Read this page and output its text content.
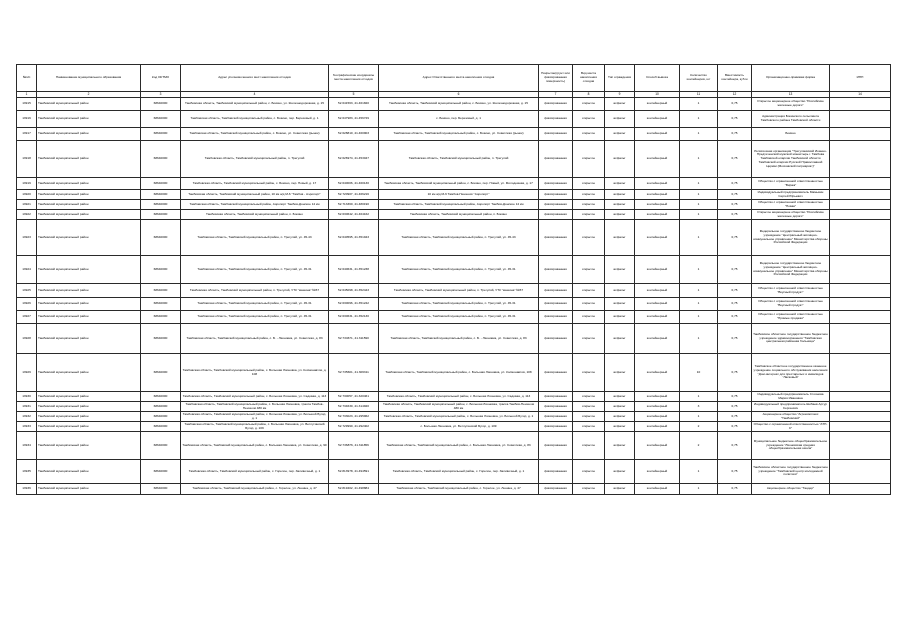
№п/п	Наименование муниципального образования	Код ОКТМО	Адрес уполномоченного мест накопления отходов	Географические координаты места накопления отходов	Адрес Ответственного места накопления отходов	Покрытие(грунт или фиксированная поверхность)	Вид места накопления отходов	Тип ограждения	Способ вывоза	Количество контейнеров, шт	Вместимость контейнера, куб.м	Организационно-правовая форма	ИНН
1	2	3	4	5	6	7	8	9	10	11	12	13	14
13915	Тамбовский муниципальный район	68640000	Тамбовская область, Тамбовский муниципальный район, с. Бокино, ул. Железнодорожная, д. 15	52.641563, 41.461820	Тамбовская область, Тамбовский муниципальный район, с. Бокино, ул. Железнодорожная, д. 15	фиксированная	открытое	асфальт	контейнерный	1	0,75	Открытое акционерное общество "Российские железные дороги"	
13916	Тамбовский муниципальный район	68640000	Тамбовская область, Тамбовский муниципальный район, с. Бокино, пер. Березовый, д. 1	52.647983, 41.456729	с. Бокино, пер. Березовый, д. 1	фиксированная	открытое	асфальт	контейнерный	1	0,75	Администрация Бокинского сельсовета Тамбовского района Тамбовской области	
13917	Тамбовский муниципальный район	68640000	Тамбовская область, Тамбовский муниципальный район, с. Бокино, ул. Советская (рынок)	52.628810, 41.460903	Тамбовская область, Тамбовский муниципальный район, с. Бокино, ул. Советская (рынок)	фиксированная	открытое	асфальт	контейнерный	1	0,75	Бокино	
13918	Тамбовский муниципальный район	68640000	Тамбовская область, Тамбовский муниципальный район, п. Трегуляй	52.626974, 41.453047	Тамбовская область, Тамбовский муниципальный район, п. Трегуляй	фиксированная	открытое	асфальт	контейнерный	1	0,75	Религиозная организация "Трегуляевский Иоанно-Предтеченский мужской монастырь г. Тамбова Тамбовской епархии Тамбовской области Тамбовский епархии Русской Православной Церкви (Московский патриархат)"	
13919	Тамбовский муниципальный район	68640000	Тамбовская область, Тамбовский муниципальный район, с. Бокино, пер. Новый, д. 17	52.640006, 41.460130	Тамбовская область, Тамбовский муниципальный район, с. Бокино, пер. Новый, ул. Молодежная, д. 17	фиксированная	открытое	асфальт	контейнерный	1	0,75	Общество с ограниченной ответственностью "Вираж"	
13920	Тамбовский муниципальный район	68640000	Тамбовская область, Тамбовский муниципальный район, 10 км а/д М-6 "Тамбов - Аэропорт"	52.720907, 41.466216	10 км а/д М-6 Тамбов-Пензенск "Аэропорт"	фиксированная	открытое	асфальт	контейнерный	1	0,75	Индивидуальный предприниматель Мамыкин Сергей Юрьевич	
13921	Тамбовский муниципальный район	68640000	Тамбовская область, Тамбовский муниципальный район, Аэропорт Тамбов-Донское 12 км	52.713360, 41.480190	Тамбовская область, Тамбовский муниципальный район, Аэропорт Тамбов-Донское 12 км	фиксированная	открытое	асфальт	контейнерный	1	0,75	Общество с ограниченной ответственностью "Новая"	
13922	Тамбовский муниципальный район	68640000	Тамбовская область, Тамбовский муниципальный район, п. Бокино	52.630642, 41.464162	Тамбовская область, Тамбовский муниципальный район, п. Бокино	фиксированная	открытое	асфальт	контейнерный	1	0,75	Открытое акционерное общество "Российские железные дороги"	
13923	Тамбовский муниципальный район	68640000	Тамбовская область, Тамбовский муниципальный район, п. Трегуляй, ул. 45-43	52.640595, 41.351943	Тамбовская область, Тамбовский муниципальный район, п. Трегуляй, ул. 45-43	фиксированная	открытое	асфальт	контейнерный	1	0,75	Федеральное государственное бюджетное учреждение "Центральный жилищно-коммунальное управление" Министерства обороны Российской Федерации	
13924	Тамбовский муниципальный район	68640000	Тамбовская область, Тамбовский муниципальный район, п. Трегуляй, ул. 45-31	52.640631, 41.351238	Тамбовская область, Тамбовский муниципальный район, п. Трегуляй, ул. 45-31	фиксированная	открытое	асфальт	контейнерный	1	0,75	Федеральное государственное бюджетное учреждение "Центральный жилищно-коммунальное управление" Министерства обороны Российской Федерации	
13925	Тамбовский муниципальный район	68640000	Тамбовская область, Тамбовский муниципальный район, п. Трегуляй, УТК "машина" №57	52.645098, 41.352443	Тамбовская область, Тамбовский муниципальный район, п. Трегуляй, УТК "машина" №57	фиксированная	открытое	асфальт	контейнерный	1	0,75	Общество с ограниченной ответственностью "Вкусный продукт"	
13926	Тамбовский муниципальный район	68640000	Тамбовская область, Тамбовский муниципальный район, п. Трегуляй, ул. 45-31	52.630096, 41.351242	Тамбовская область, Тамбовский муниципальный район, п. Трегуляй, ул. 45-31	фиксированная	открытое	асфальт	контейнерный	1	0,75	Общество с ограниченной ответственностью "Вкусный продукт"	
13927	Тамбовский муниципальный район	68640000	Тамбовская область, Тамбовский муниципальный район, п. Трегуляй, ул. 45-31	52.630631, 41.352130	Тамбовская область, Тамбовский муниципальный район, п. Трегуляй, ул. 45-31	фиксированная	открытое	асфальт	контейнерный	1	0,75	Общество с ограниченной ответственностью "Прямые продажи"	
13928	Тамбовский муниципальный район	68640000	Тамбовская область, Тамбовский муниципальный район, с. Б. - Ляоновка, ул. Советская, д. 83	52.734671, 41.311590	Тамбовская область, Тамбовский муниципальный район, с. Б. - Ляоновка, ул. Советская, д. 83	фиксированная	открытое	асфальт	контейнерный	1	0,75	Тамбовское областное государственное бюджетное учреждение здравоохранения "Тамбовская центральная районная больница"	
13929	Тамбовский муниципальный район	68640000	Тамбовская область, Тамбовский муниципальный район, с. Большая Ляоновка, ул. Космонавтов, д. 108	52.735601, 41.306311	Тамбовская область, Тамбовский муниципальный район, с. Большая Ляоновка, ул. Космонавтов, 108	фиксированная	открытое	асфальт	контейнерный	10	0,75	Тамбовское областное государственное казенное учреждение социального обслуживания населения "Дом-интернат для престарелых и инвалидов "Ласковый"	
13930	Тамбовский муниципальный район	68640000	Тамбовская область, Тамбовский муниципальный район, с. Большая Ляоновка, ул. Садовая, д. 113	52.730057, 41.320461	Тамбовская область, Тамбовский муниципальный район, с. Большая Ляоновка, ул. Садовая, д. 113	фиксированная	открытое	асфальт	контейнерный	1	0,75	Индивидуальный предприниматель Стоянова Мария Ивановна	
13931	Тамбовский муниципальный район	68640000	Тамбовская область, Тамбовский муниципальный район, с. Большая Ляоновка, трасса Тамбов-Пенза км 480 км	52.734630, 41.314920	Тамбовская область, Тамбовский муниципальный район, с. Большая Ляоновка, трасса Тамбов-Пенза км 480 км	фиксированная	открытое	асфальт	контейнерный	3	0,75	Индивидуальный предприниматель Шибаев Артур Сергеевич	
13932	Тамбовский муниципальный район	68640000	Тамбовская область, Тамбовский муниципальный район, с. Большая Ляоновка, ул. Большой Бугор, д. 1	52.733023, 41.295962	Тамбовская область, Тамбовский муниципальный район, с. Большая Ляоновка, ул. Большой Бугор, д. 1	фиксированная	открытое	асфальт	контейнерный	1	0,75	Акционерное общество "Агрокомплекс "Тамбовский"	
13933	Тамбовский муниципальный район	68640000	Тамбовская область, Тамбовский муниципальный район, с. Большая Ляоновка, ул. Ветлугинский Бугор, д. 109	52.729990, 41.292402	с. Большая Ляоновка, ул. Ветлугинский Бугор, д. 109	фиксированная	открытое	асфальт	контейнерный	2	0,75	Общество с ограниченной ответственностью "АТП-С"	
13934	Тамбовский муниципальный район	68640000	Тамбовская область, Тамбовский муниципальный район, с. Большая Ляоновка, ул. Советская, д. 90	52.736876, 41.311856	Тамбовская область, Тамбовский муниципальный район, с. Большая Ляоновка, ул. Советская, д. 83	фиксированная	открытое	асфальт	контейнерный	2	0,75	Муниципальное бюджетное общеобразовательное учреждение "Ляоновская средняя общеобразовательная школа"	
13935	Тамбовский муниципальный район	68640000	Тамбовская область, Тамбовский муниципальный район, с. Горелое, пер. Заливочный, д. 1	52.813978, 41.494591	Тамбовская область, Тамбовский муниципальный район, с. Горелое, пер. Заливочный, д. 1	фиксированная	открытое	асфальт	контейнерный	1	0,75	Тамбовское областное государственное бюджетное учреждение "Тамбовский центр молодежной политики"	
13936	Тамбовский муниципальный район	68640000	Тамбовская область, Тамбовский муниципальный район, с. Горелое, ул. Ленина, д. 47	52.819402, 41.498884	Тамбовская область, Тамбовский муниципальный район, с. Горелое, ул. Ленина, д. 47	фиксированная	открытое	асфальт	контейнерный	1	0,75	Акционерное общество "Тандер"	
